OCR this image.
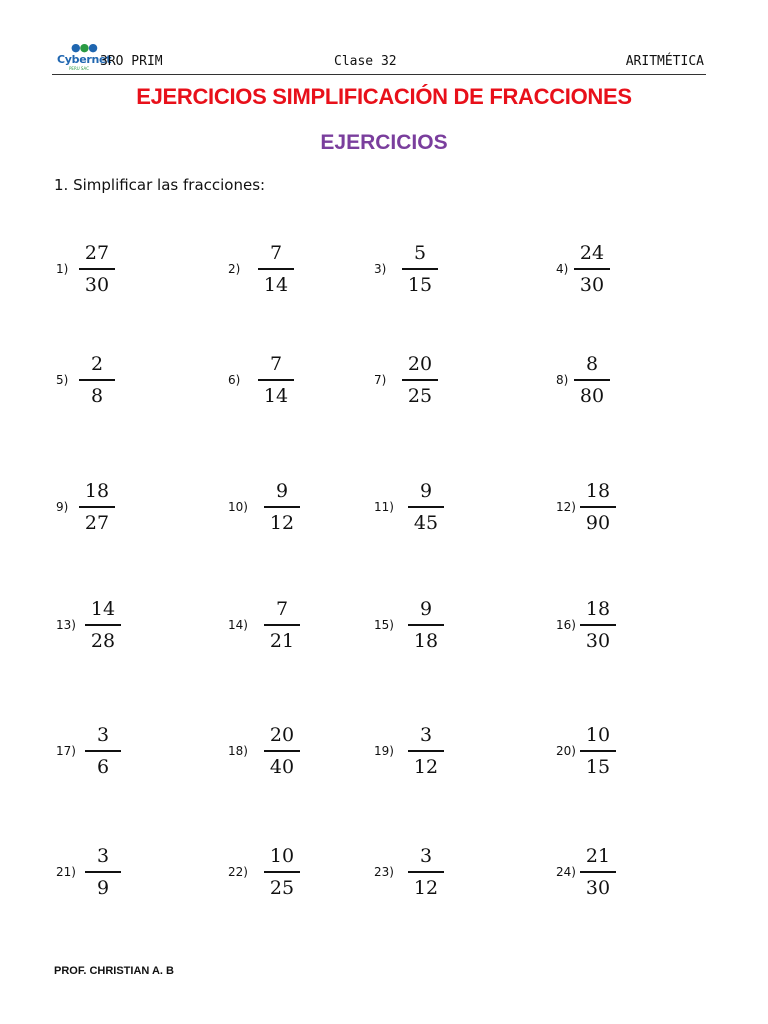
●●●
Cybernet
PERU SAC 3RO PRIM	Clase 32	ARITMÉTICA
EJERCICIOS SIMPLIFICACIÓN DE FRACCIONES
EJERCICIOS
1. Simplificar las fracciones:
1)
27
30
2)
7
14
3)
5
15
4)
24
30
5)
2
8
6)
7
14
7)
20
25
8)
8
80
9)
18
27
10)
9
12
11)
9
45
12)
18
90
13)
14
28
14)
7
21
15)
9
18
16)
18
30
17)
3
6
18)
20
40
19)
3
12
20)
10
15
21)
3
9
22)
10
25
23)
3
12
24)
21
30
PROF. CHRISTIAN A. B
